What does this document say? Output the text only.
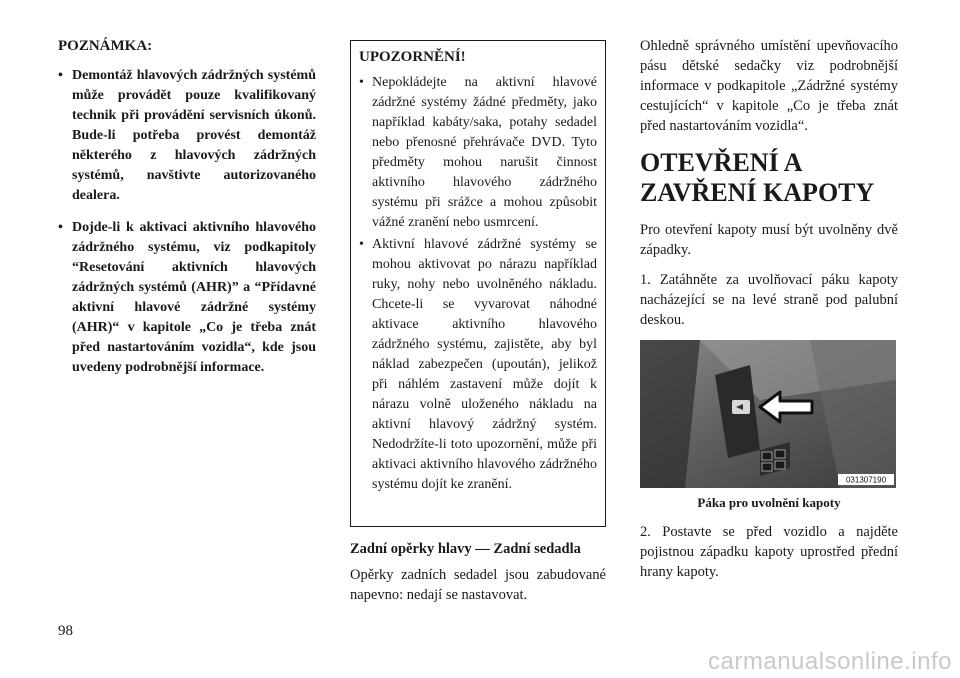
POZNÁMKA:
• Demontáž hlavových zádržných systémů může provádět pouze kvalifikovaný technik při provádění servisních úkonů. Bude-li potřeba provést demontáž některého z hlavových zádržných systémů, navštivte autorizovaného dealera.
• Dojde-li k aktivaci aktivního hlavového zádržného systému, viz podkapitoly “Resetování aktivních hlavových zádržných systémů (AHR)” a “Přídavné aktivní hlavové zádržné systémy (AHR)“ v kapitole „Co je třeba znát před nastartováním vozidla“, kde jsou uvedeny podrobnější informace.
UPOZORNĚNÍ!
• Nepokládejte na aktivní hlavové zádržné systémy žádné předměty, jako například kabáty/saka, potahy sedadel nebo přenosné přehrávače DVD. Tyto předměty mohou narušit činnost aktivního hlavového zádržného systému při srážce a mohou způsobit vážné zranění nebo usmrcení.
• Aktivní hlavové zádržné systémy se mohou aktivovat po nárazu například ruky, nohy nebo uvolněného nákladu. Chcete-li se vyvarovat náhodné aktivace aktivního hlavového zádržného systému, zajistěte, aby byl náklad zabezpečen (upoután), jelikož při náhlém zastavení může dojít k nárazu volně uloženého nákladu na aktivní hlavový zádržný systém. Nedodržíte-li toto upozornění, může při aktivaci aktivního hlavového zádržného systému dojít ke zranění.
Zadní opěrky hlavy — Zadní sedadla

Opěrky zadních sedadel jsou zabudované napevno: nedají se nastavovat.

Ohledně správného umístění upevňovacího pásu dětské sedačky viz podrobnější informace v podkapitole „Zádržné systémy cestujících“ v kapitole „Co je třeba znát před nastartováním vozidla“.

OTEVŘENÍ A ZAVŘENÍ KAPOTY

Pro otevření kapoty musí být uvolněny dvě západky.

1. Zatáhněte za uvolňovací páku kapoty nacházející se na levé straně pod palubní deskou.

031307190
Páka pro uvolnění kapoty

2. Postavte se před vozidlo a najděte pojistnou západku kapoty uprostřed přední hrany kapoty.

98
carmanualsonline.info
